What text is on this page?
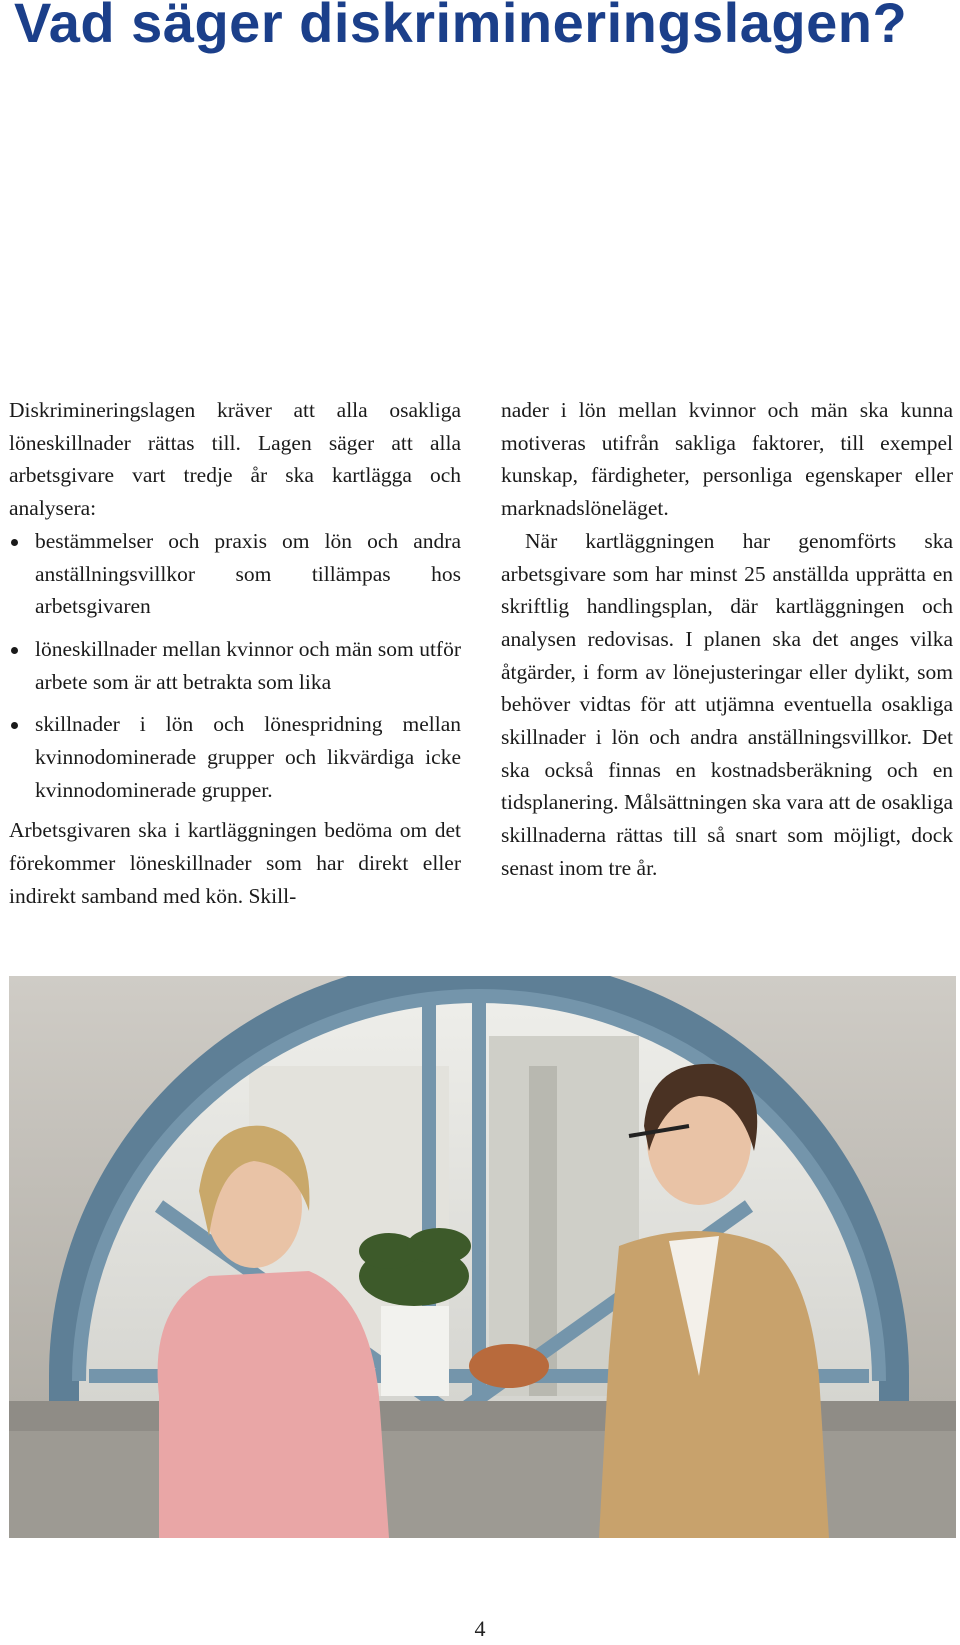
Vad säger diskrimineringslagen?

Diskrimineringslagen kräver att alla osakliga löneskillnader rättas till. Lagen säger att alla arbetsgivare vart tredje år ska kartlägga och analysera:

bestämmelser och praxis om lön och andra anställningsvillkor som tillämpas hos arbetsgivaren
löneskillnader mellan kvinnor och män som utför arbete som är att betrakta som lika
skillnader i lön och lönespridning mellan kvinnodominerade grupper och likvärdiga icke kvinnodominerade grupper.

Arbetsgivaren ska i kartläggningen bedöma om det förekommer löneskillnader som har direkt eller indirekt samband med kön. Skill-

nader i lön mellan kvinnor och män ska kunna motiveras utifrån sakliga faktorer, till exempel kunskap, färdigheter, personliga egenskaper eller marknadslöneläget.

När kartläggningen har genomförts ska arbetsgivare som har minst 25 anställda upprätta en skriftlig handlingsplan, där kartläggningen och analysen redovisas. I planen ska det anges vilka åtgärder, i form av lönejusteringar eller dylikt, som behöver vidtas för att utjämna eventuella osakliga skillnader i lön och andra anställningsvillkor. Det ska också finnas en kostnadsberäkning och en tidsplanering. Målsättningen ska vara att de osakliga skillnaderna rättas till så snart som möjligt, dock senast inom tre år.

4
